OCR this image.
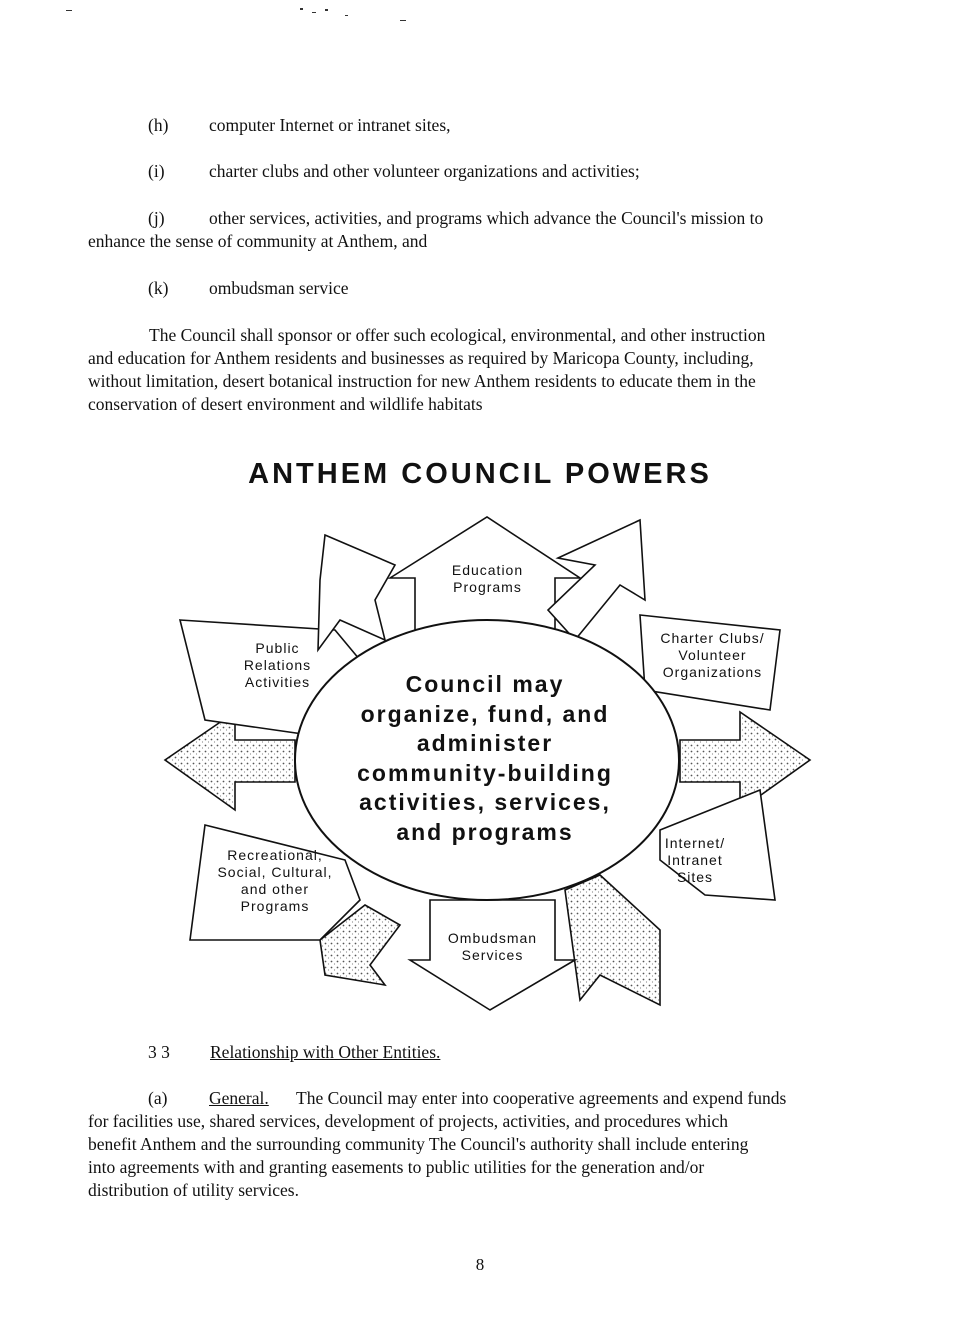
(h) computer Internet or intranet sites,
(i)	charter clubs and other volunteer organizations and activities;
(j)	other services, activities, and programs which advance the Council's mission to
enhance the sense of community at Anthem, and
(k) ombudsman service
The Council shall sponsor or offer such ecological, environmental, and other instruction
and education for Anthem residents and businesses as required by Maricopa County, including,
without limitation, desert botanical instruction for new Anthem residents to educate them in the
conservation of desert environment and wildlife habitats
ANTHEM COUNCIL POWERS
Education
Programs
Charter Clubs/
Volunteer
Organizations
Internet/
Intranet
Sites
Ombudsman
Services
Recreational,
Social, Cultural,
and other
Programs
Public
Relations
Activities	Council may
organize, fund, and
administer
community-building
activities, services,
and programs
3 3 Relationship with Other Entities.
(a) General. The Council may enter into cooperative agreements and expend funds
for facilities use, shared services, development of projects, activities, and procedures which
benefit Anthem and the surrounding community The Council's authority shall include entering
into agreements with and granting easements to public utilities for the generation and/or
distribution of utility services.
8
